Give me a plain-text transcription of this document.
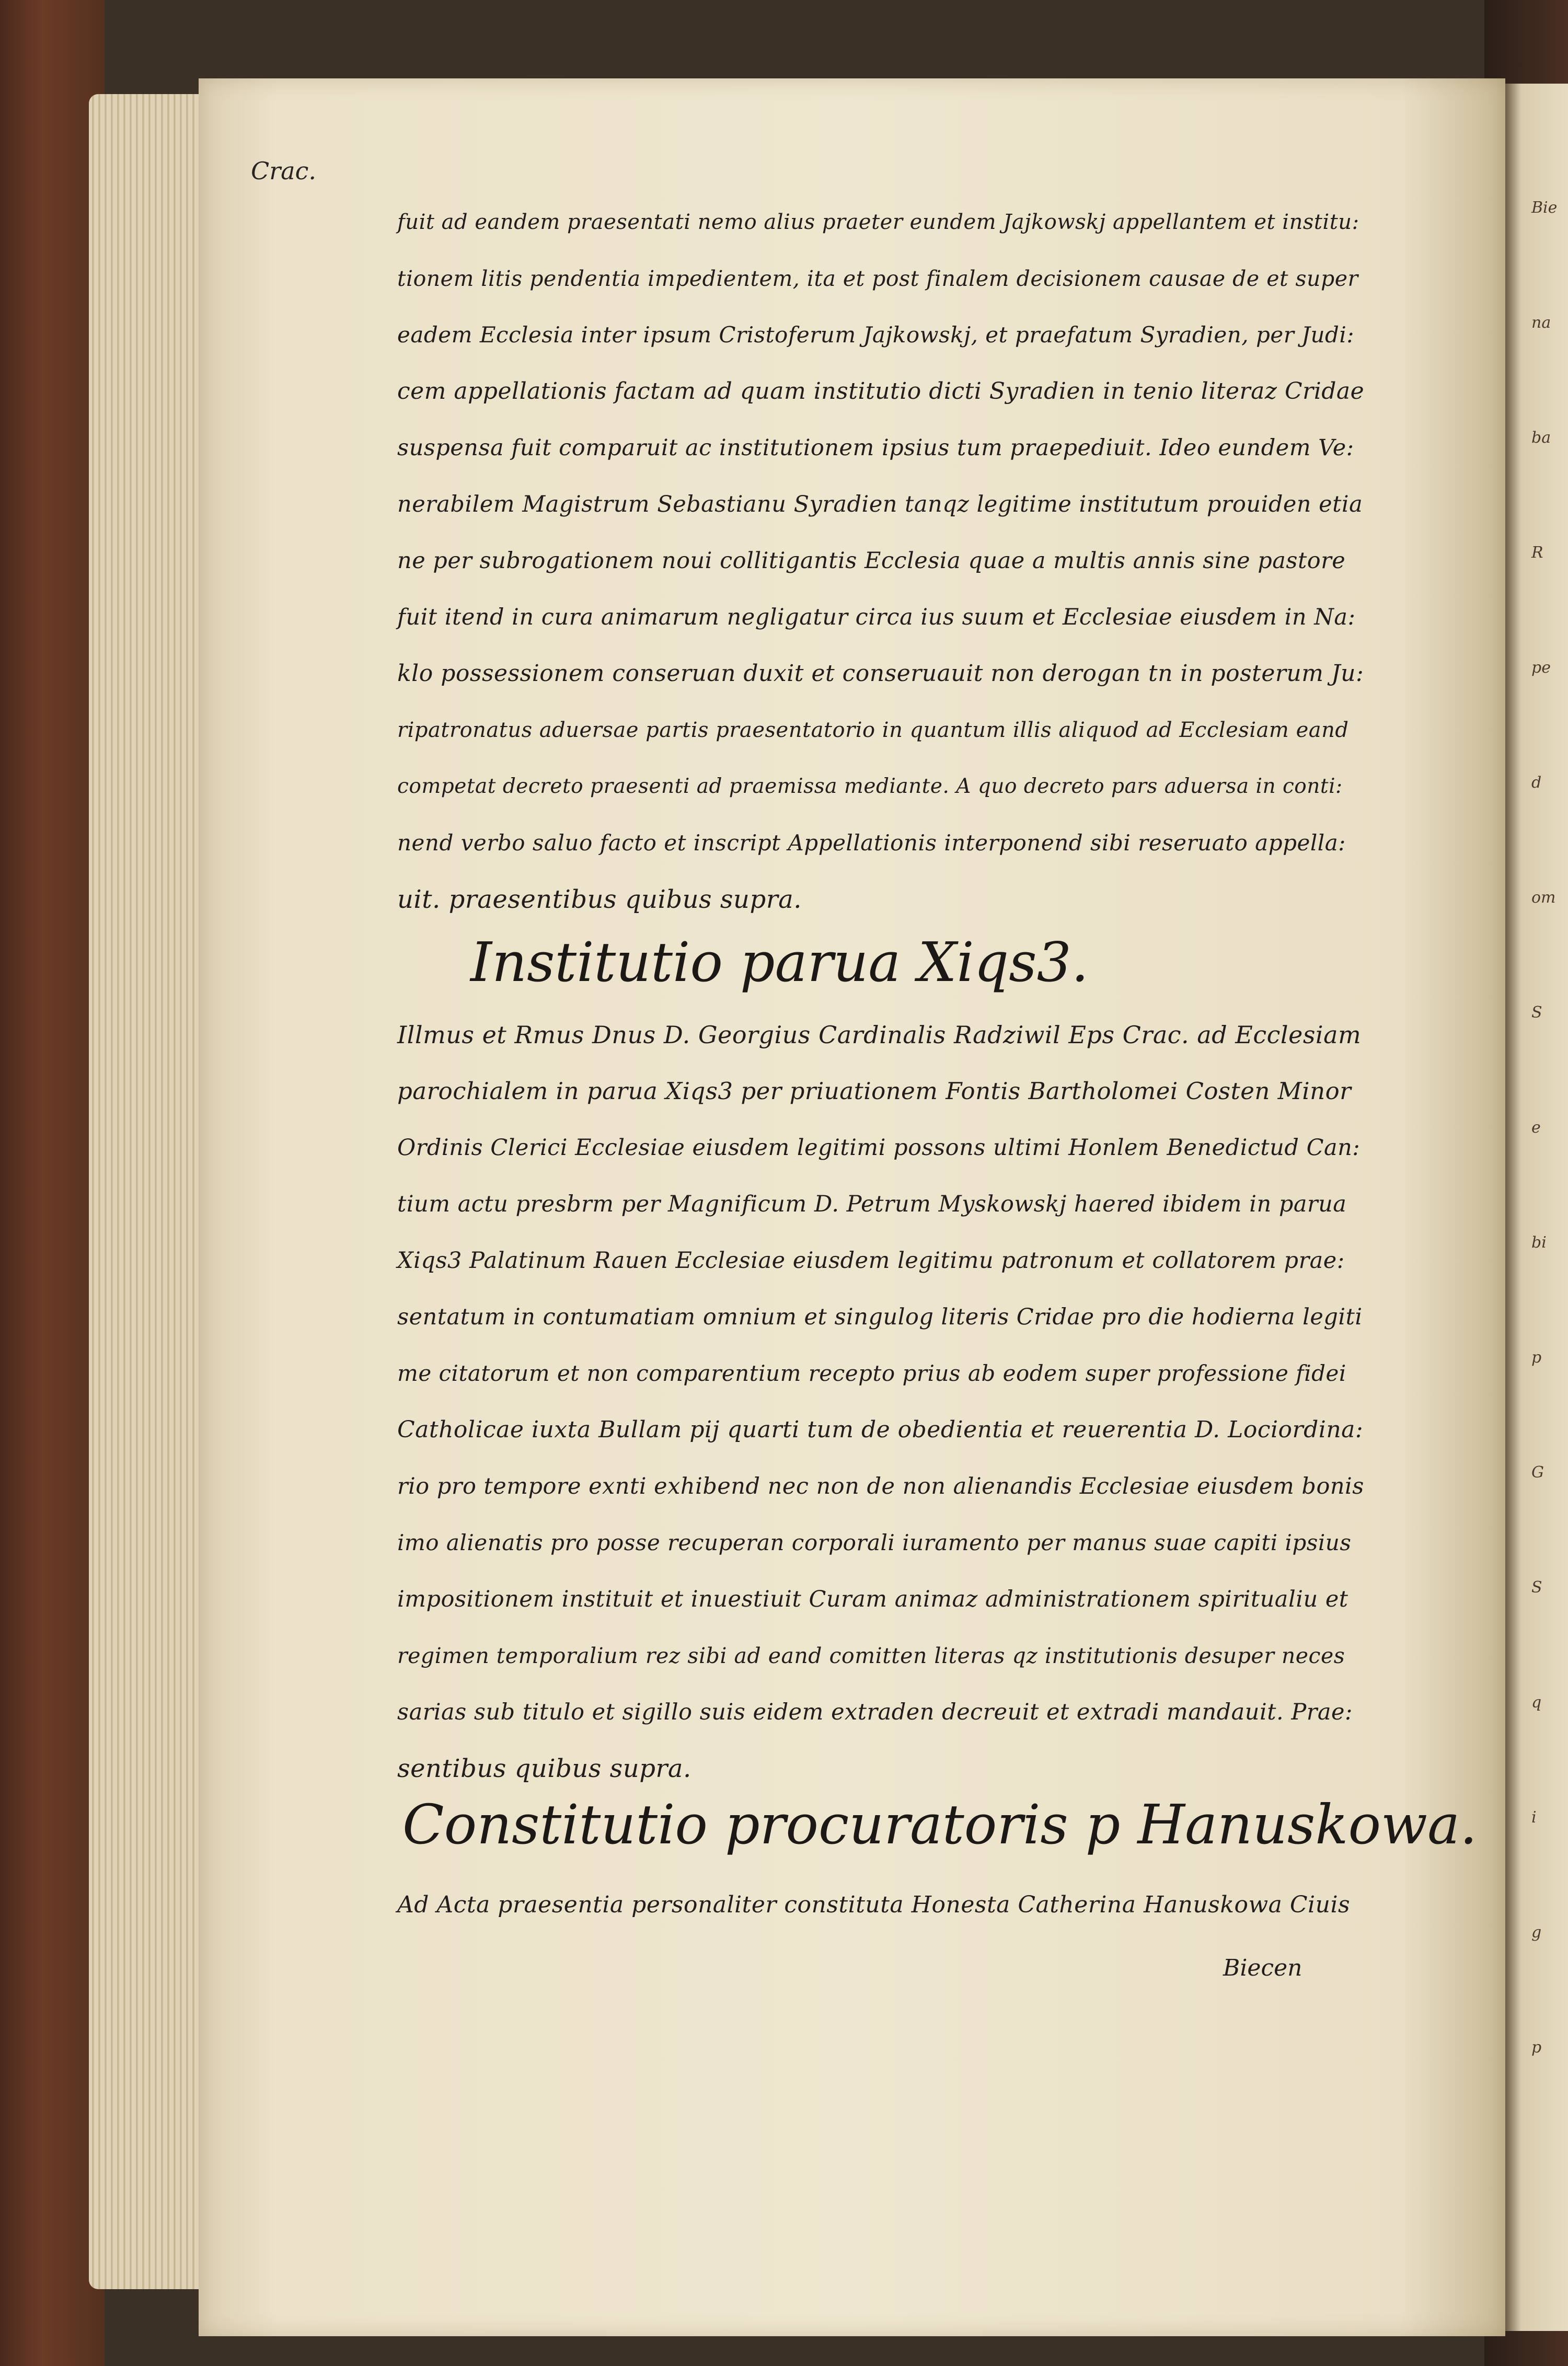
Bie
na
ba
R
pe
d
om
S
e
bi
p
G
S
q
i
g
p
Crac.
fuit ad eandem praesentati nemo alius praeter eundem Jajkowskj appellantem et institu:
tionem litis pendentia impedientem, ita et post finalem decisionem causae de et super
eadem Ecclesia inter ipsum Cristoferum Jajkowskj, et praefatum Syradien, per Judi:
cem appellationis factam ad quam institutio dicti Syradien in tenio literaz Cridae
suspensa fuit comparuit ac institutionem ipsius tum praepediuit. Ideo eundem Ve:
nerabilem Magistrum Sebastianu Syradien tanqz legitime institutum prouiden etia
ne per subrogationem noui collitigantis Ecclesia quae a multis annis sine pastore
fuit itend in cura animarum negligatur circa ius suum et Ecclesiae eiusdem in Na:
klo possessionem conseruan duxit et conseruauit non derogan tn in posterum Ju:
ripatronatus aduersae partis praesentatorio in quantum illis aliquod ad Ecclesiam eand
competat decreto praesenti ad praemissa mediante. A quo decreto pars aduersa in conti:
nend verbo saluo facto et inscript Appellationis interponend sibi reseruato appella:
uit. praesentibus quibus supra.
Institutio parua Xiqs3.
Illmus et Rmus Dnus D. Georgius Cardinalis Radziwil Eps Crac. ad Ecclesiam
parochialem in parua Xiqs3 per priuationem Fontis Bartholomei Costen Minor
Ordinis Clerici Ecclesiae eiusdem legitimi possons ultimi Honlem Benedictud Can:
tium actu presbrm per Magnificum D. Petrum Myskowskj haered ibidem in parua
Xiqs3 Palatinum Rauen Ecclesiae eiusdem legitimu patronum et collatorem prae:
sentatum in contumatiam omnium et singulog literis Cridae pro die hodierna legiti
me citatorum et non comparentium recepto prius ab eodem super professione fidei
Catholicae iuxta Bullam pij quarti tum de obedientia et reuerentia D. Lociordina:
rio pro tempore exnti exhibend nec non de non alienandis Ecclesiae eiusdem bonis
imo alienatis pro posse recuperan corporali iuramento per manus suae capiti ipsius
impositionem instituit et inuestiuit Curam animaz administrationem spiritualiu et
regimen temporalium rez sibi ad eand comitten literas qz institutionis desuper neces
sarias sub titulo et sigillo suis eidem extraden decreuit et extradi mandauit. Prae:
sentibus quibus supra.
Constitutio procuratoris p Hanuskowa.
Ad Acta praesentia personaliter constituta Honesta Catherina Hanuskowa Ciuis
Biecen
